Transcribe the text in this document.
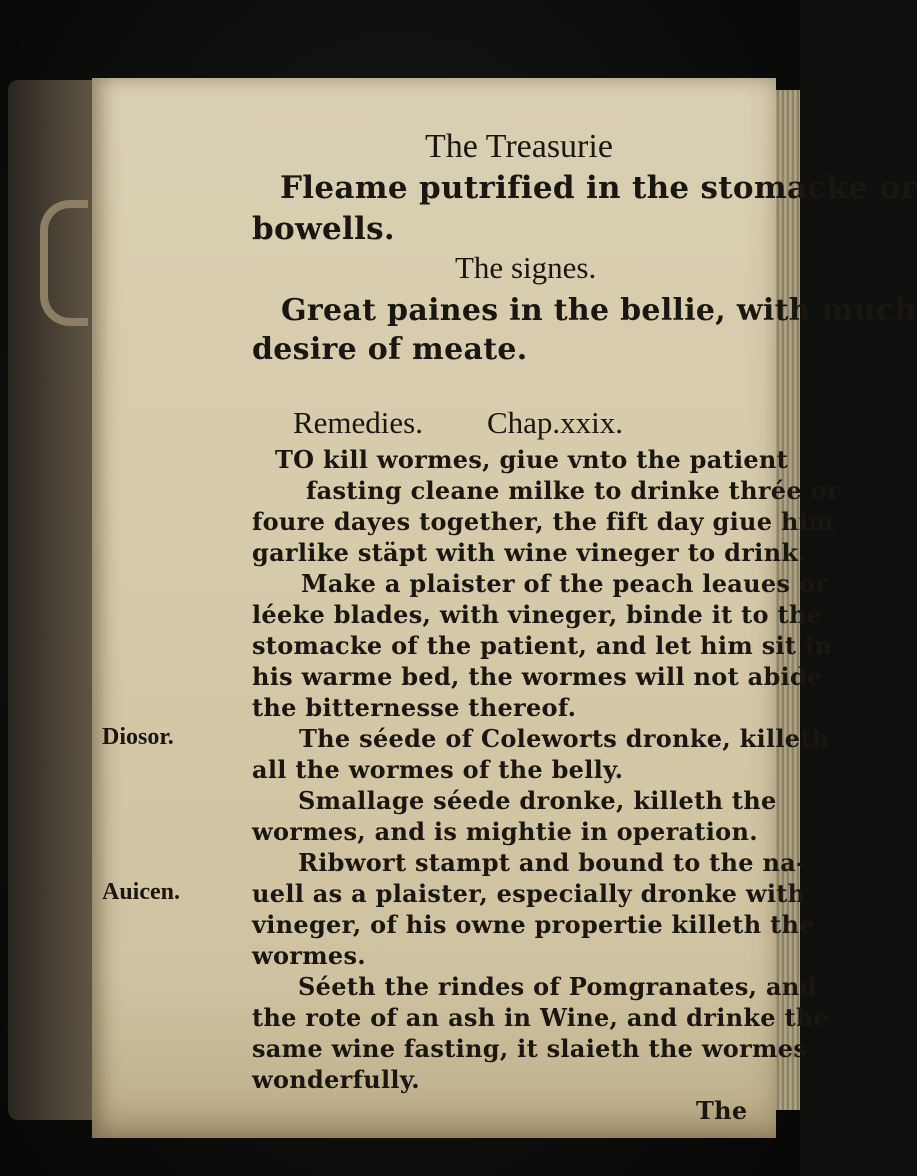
The Treasurie
Fleame putrified in the stomacke or
bowells.
The signes.
Great paines in the bellie, with much
desire of meate.
Remedies. Chap.xxix.
TO kill wormes, giue vnto the patient
fasting cleane milke to drinke thrée or
foure dayes together, the fift day giue him
garlike stäpt with wine vineger to drink.
Make a plaister of the peach leaues or
léeke blades, with vineger, binde it to the
stomacke of the patient, and let him sit in
his warme bed, the wormes will not abide
the bitternesse thereof.
The séede of Coleworts dronke, killeth
all the wormes of the belly.
Smallage séede dronke, killeth the
wormes, and is mightie in operation.
Ribwort stampt and bound to the na-
uell as a plaister, especially dronke with
vineger, of his owne propertie killeth the
wormes.
Séeth the rindes of Pomgranates, and
the rote of an ash in Wine, and drinke the
same wine fasting, it slaieth the wormes
wonderfully.
Diosor.
Auicen.
The
